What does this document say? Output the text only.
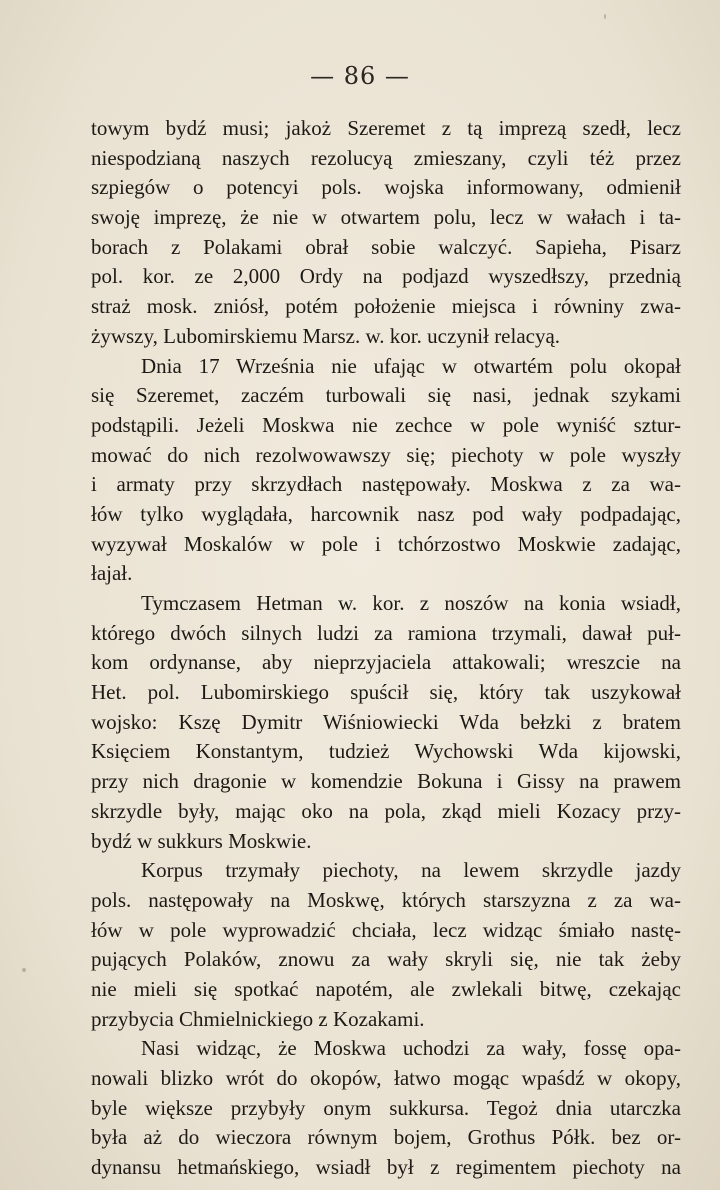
— 86 —
towym bydź musi; jakoż Szeremet z tą imprezą szedł, lecz
niespodzianą naszych rezolucyą zmieszany, czyli téż przez
szpiegów o potencyi pols. wojska informowany, odmienił
swoję imprezę, że nie w otwartem polu, lecz w wałach i ta-
borach z Polakami obrał sobie walczyć. Sapieha, Pisarz
pol. kor. ze 2,000 Ordy na podjazd wyszedłszy, przednią
straż mosk. zniósł, potém położenie miejsca i równiny zwa-
żywszy, Lubomirskiemu Marsz. w. kor. uczynił relacyą.
Dnia 17 Września nie ufając w otwartém polu okopał
się Szeremet, zaczém turbowali się nasi, jednak szykami
podstąpili. Jeżeli Moskwa nie zechce w pole wyniść sztur-
mować do nich rezolwowawszy się; piechoty w pole wyszły
i armaty przy skrzydłach następowały. Moskwa z za wa-
łów tylko wyglądała, harcownik nasz pod wały podpadając,
wyzywał Moskalów w pole i tchórzostwo Moskwie zadając,
łajał.
Tymczasem Hetman w. kor. z noszów na konia wsiadł,
którego dwóch silnych ludzi za ramiona trzymali, dawał puł-
kom ordynanse, aby nieprzyjaciela attakowali; wreszcie na
Het. pol. Lubomirskiego spuścił się, który tak uszykował
wojsko: Kszę Dymitr Wiśniowiecki Wda bełzki z bratem
Księciem Konstantym, tudzież Wychowski Wda kijowski,
przy nich dragonie w komendzie Bokuna i Gissy na prawem
skrzydle były, mając oko na pola, zkąd mieli Kozacy przy-
bydź w sukkurs Moskwie.
Korpus trzymały piechoty, na lewem skrzydle jazdy
pols. następowały na Moskwę, których starszyzna z za wa-
łów w pole wyprowadzić chciała, lecz widząc śmiało nastę-
pujących Polaków, znowu za wały skryli się, nie tak żeby
nie mieli się spotkać napotém, ale zwlekali bitwę, czekając
przybycia Chmielnickiego z Kozakami.
Nasi widząc, że Moskwa uchodzi za wały, fossę opa-
nowali blizko wrót do okopów, łatwo mogąc wpaśdź w okopy,
byle większe przybyły onym sukkursa. Tegoż dnia utarczka
była aż do wieczora równym bojem, Grothus Półk. bez or-
dynansu hetmańskiego, wsiadł był z regimentem piechoty na
